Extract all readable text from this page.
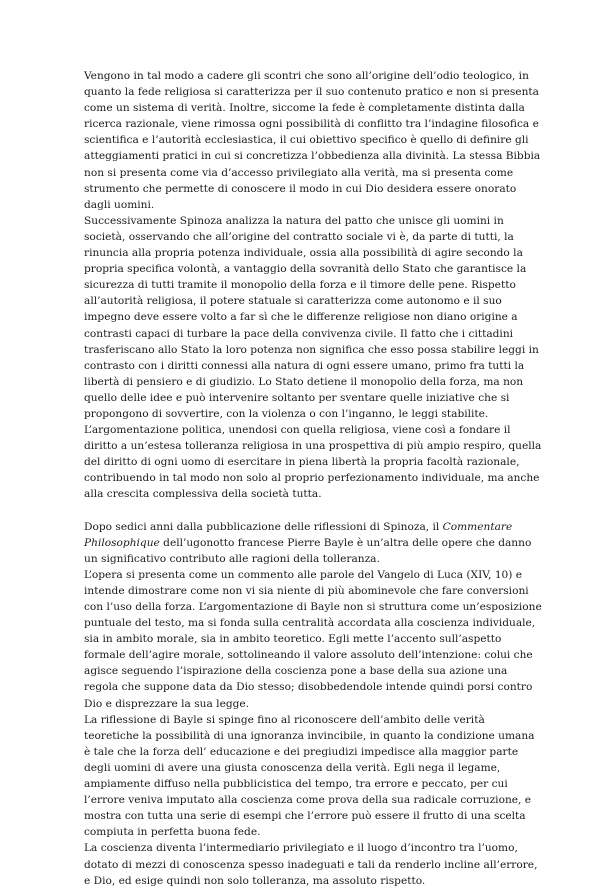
Vengono in tal modo a cadere gli scontri che sono all’origine dell’odio teologico, in quanto la fede religiosa si caratterizza per il suo contenuto pratico e non si presenta come un sistema di verità. Inoltre, siccome la fede è completamente distinta dalla ricerca razionale, viene rimossa ogni possibilità di conflitto tra l’indagine filosofica e scientifica e l’autorità ecclesiastica, il cui obiettivo specifico è quello di definire gli atteggiamenti pratici in cui si concretizza l’obbedienza alla divinità. La stessa Bibbia non si presenta come via d’accesso privilegiato alla verità, ma si presenta come strumento che permette di conoscere il modo in cui Dio desidera essere onorato dagli uomini.

Successivamente Spinoza analizza la natura del patto che unisce gli uomini in società, osservando che all’origine del contratto sociale vi è, da parte di tutti, la rinuncia alla propria potenza individuale, ossia alla possibilità di agire secondo la propria specifica volontà, a vantaggio della sovranità dello Stato che garantisce la sicurezza di tutti tramite il monopolio della forza e il timore delle pene. Rispetto all’autorità religiosa, il potere statuale si caratterizza come autonomo e il suo impegno deve essere volto a far sì che le differenze religiose non diano origine a contrasti capaci di turbare la pace della convivenza civile. Il fatto che i cittadini trasferiscano allo Stato la loro potenza non significa che esso possa stabilire leggi in contrasto con i diritti connessi alla natura di ogni essere umano, primo fra tutti la libertà di pensiero e di giudizio. Lo Stato detiene il monopolio della forza, ma non quello delle idee e può intervenire soltanto per sventare quelle iniziative che si propongono di sovvertire, con la violenza o con l’inganno, le leggi stabilite. L’argomentazione politica, unendosi con quella religiosa, viene così a fondare il diritto a un’estesa tolleranza religiosa in una prospettiva di più ampio respiro, quella del diritto di ogni uomo di esercitare in piena libertà la propria facoltà razionale, contribuendo in tal modo non solo al proprio perfezionamento individuale, ma anche alla crescita complessiva della società tutta.

Dopo sedici anni dalla pubblicazione delle riflessioni di Spinoza, il Commentare Philosophique dell’ugonotto francese Pierre Bayle è un’altra delle opere che danno un significativo contributo alle ragioni della tolleranza.

L’opera si presenta come un commento alle parole del Vangelo di Luca (XIV, 10) e intende dimostrare come non vi sia niente di più abominevole che fare conversioni con l’uso della forza. L’argomentazione di Bayle non si struttura come un’esposizione puntuale del testo, ma si fonda sulla centralità accordata alla coscienza individuale, sia in ambito morale, sia in ambito teoretico. Egli mette l’accento sull’aspetto formale dell’agire morale, sottolineando il valore assoluto dell’intenzione: colui che agisce seguendo l’ispirazione della coscienza pone a base della sua azione una regola che suppone data da Dio stesso; disobbedendole intende quindi porsi contro Dio e disprezzare la sua legge.

La riflessione di Bayle si spinge fino al riconoscere dell’ambito delle verità teoretiche la possibilità di una ignoranza invincibile, in quanto la condizione umana è tale che la forza dell’ educazione e dei pregiudizi impedisce alla maggior parte degli uomini di avere una giusta conoscenza della verità. Egli nega il legame, ampiamente diffuso nella pubblicistica del tempo, tra errore e peccato, per cui l’errore veniva imputato alla coscienza come prova della sua radicale corruzione, e mostra con tutta una serie di esempi che l’errore può essere il frutto di una scelta compiuta in perfetta buona fede.

La coscienza diventa l’intermediario privilegiato e il luogo d’incontro tra l’uomo, dotato di mezzi di conoscenza spesso inadeguati e tali da renderlo incline all’errore, e Dio, ed esige quindi non solo tolleranza, ma assoluto rispetto.
